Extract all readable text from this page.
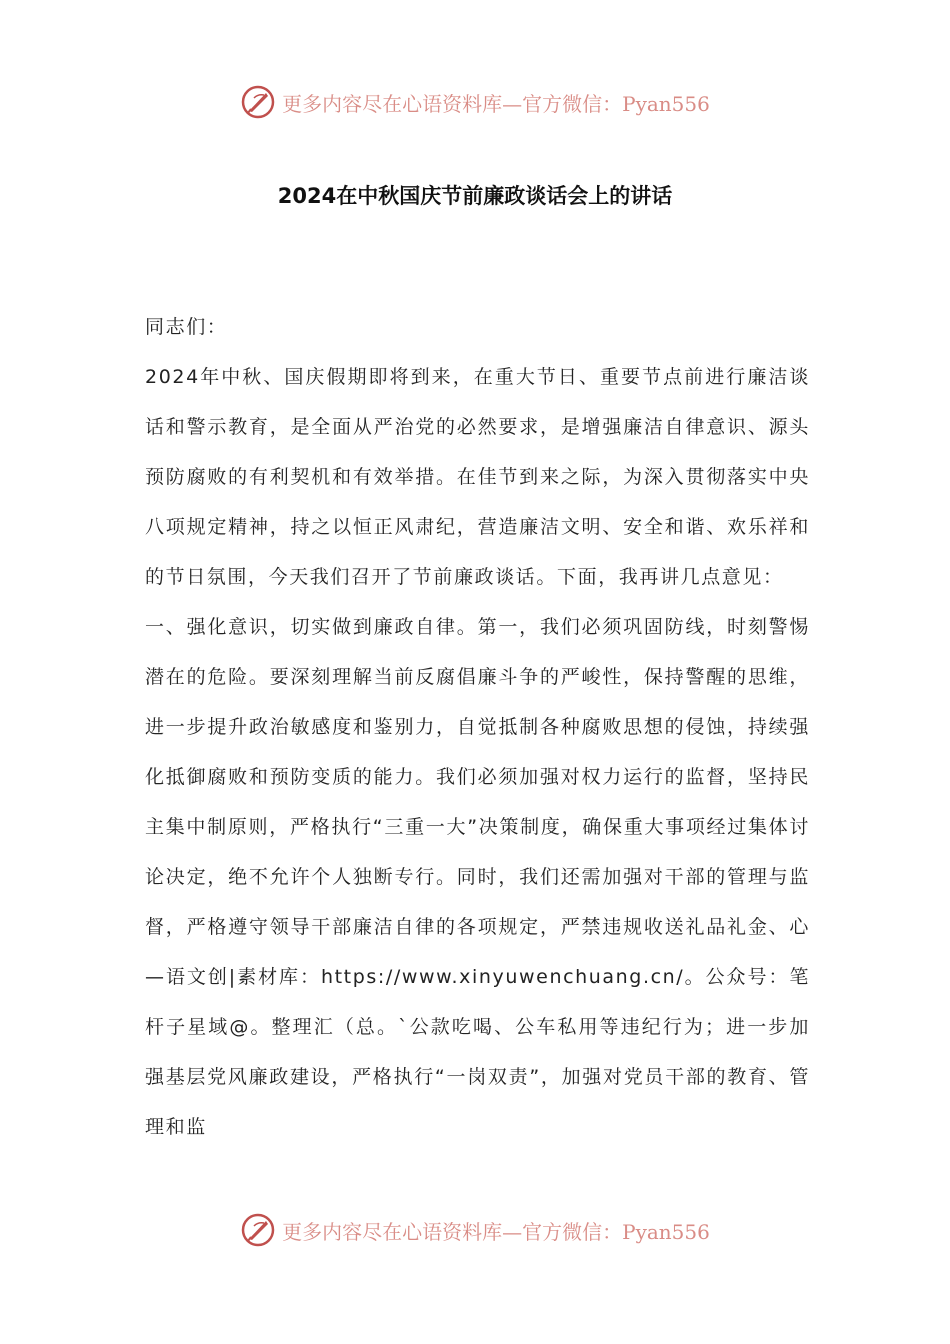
更多内容尽在心语资料库—官方微信：Pyan556
2024在中秋国庆节前廉政谈话会上的讲话

同志们：

2024年中秋、国庆假期即将到来，在重大节日、重要节点前进行廉洁谈话和警示教育，是全面从严治党的必然要求，是增强廉洁自律意识、源头预防腐败的有利契机和有效举措。在佳节到来之际，为深入贯彻落实中央八项规定精神，持之以恒正风肃纪，营造廉洁文明、安全和谐、欢乐祥和的节日氛围，今天我们召开了节前廉政谈话。下面，我再讲几点意见：

一、强化意识，切实做到廉政自律。第一，我们必须巩固防线，时刻警惕潜在的危险。要深刻理解当前反腐倡廉斗争的严峻性，保持警醒的思维，进一步提升政治敏感度和鉴别力，自觉抵制各种腐败思想的侵蚀，持续强化抵御腐败和预防变质的能力。我们必须加强对权力运行的监督，坚持民主集中制原则，严格执行“三重一大”决策制度，确保重大事项经过集体讨论决定，绝不允许个人独断专行。同时，我们还需加强对干部的管理与监督，严格遵守领导干部廉洁自律的各项规定，严禁违规收送礼品礼金、心—语文创|素材库：https://www.xinyuwenchuang.cn/。公众号：笔杆子星域@。整理汇（总。`公款吃喝、公车私用等违纪行为；进一步加强基层党风廉政建设，严格执行“一岗双责”，加强对党员干部的教育、管理和监

更多内容尽在心语资料库—官方微信：Pyan556
